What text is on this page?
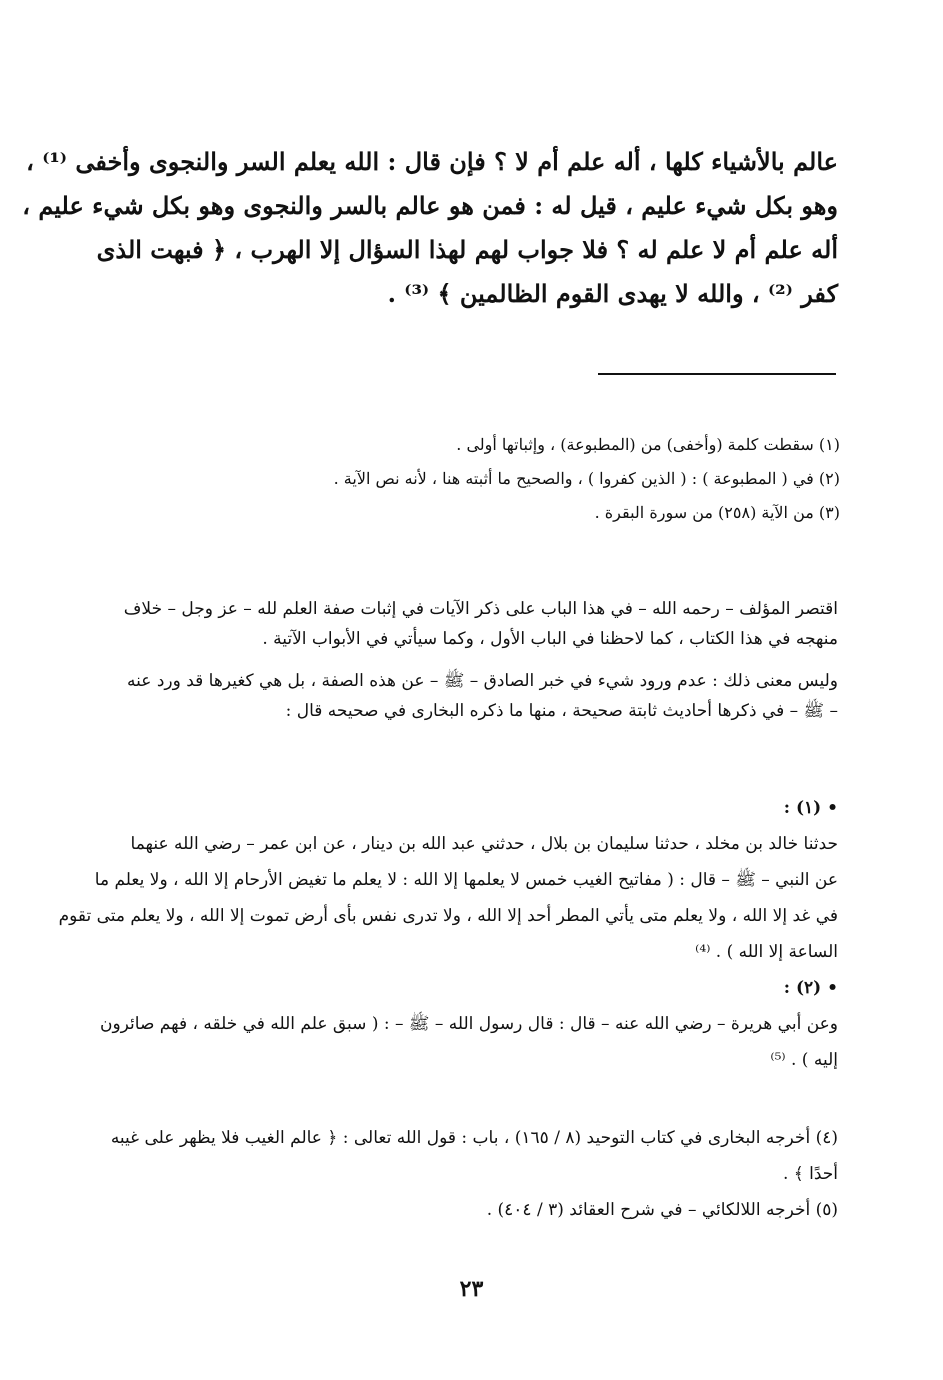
عالم بالأشياء كلها ، أله علم أم لا ؟ فإن قال : الله يعلم السر والنجوى وأخفى ⁽¹⁾ ،
وهو بكل شيء عليم ، قيل له : فمن هو عالم بالسر والنجوى وهو بكل شيء عليم ،
أله علم أم لا علم له ؟ فلا جواب لهم لهذا السؤال إلا الهرب ، ﴿ فبهت الذى
كفر ⁽²⁾ ، والله لا يهدى القوم الظالمين ﴾ ⁽³⁾ .
(١) سقطت كلمة (وأخفى) من (المطبوعة) ، وإثباتها أولى .
(٢) في ( المطبوعة ) : ( الذين كفروا ) ، والصحيح ما أثبته هنا ، لأنه نص الآية .
(٣) من الآية (٢٥٨) من سورة البقرة .
اقتصر المؤلف – رحمه الله – في هذا الباب على ذكر الآيات في إثبات صفة العلم لله – عز وجل – خلاف
منهجه في هذا الكتاب ، كما لاحظنا في الباب الأول ، وكما سيأتي في الأبواب الآتية .
وليس معنى ذلك : عدم ورود شيء في خبر الصادق – ﷺ – عن هذه الصفة ، بل هي كغيرها قد ورد عنه
– ﷺ – في ذكرها أحاديث ثابتة صحيحة ، منها ما ذكره البخارى في صحيحه قال :
• (١) :
حدثنا خالد بن مخلد ، حدثنا سليمان بن بلال ، حدثني عبد الله بن دينار ، عن ابن عمر – رضي الله عنهما
عن النبي – ﷺ – قال : ( مفاتيح الغيب خمس لا يعلمها إلا الله : لا يعلم ما تغيض الأرحام إلا الله ، ولا يعلم ما
في غد إلا الله ، ولا يعلم متى يأتي المطر أحد إلا الله ، ولا تدرى نفس بأى أرض تموت إلا الله ، ولا يعلم متى تقوم
الساعة إلا الله ) . ⁽⁴⁾
• (٢) :
وعن أبي هريرة – رضي الله عنه – قال : قال رسول الله – ﷺ – : ( سبق علم الله في خلقه ، فهم صائرون
إليه ) . ⁽⁵⁾
(٤) أخرجه البخارى في كتاب التوحيد (٨ / ١٦٥) ، باب : قول الله تعالى : ﴿ عالم الغيب فلا يظهر على غيبه
أحدًا ﴾ .
(٥) أخرجه اللالكائي – في شرح العقائد (٣ / ٤٠٤) .
٢٣
